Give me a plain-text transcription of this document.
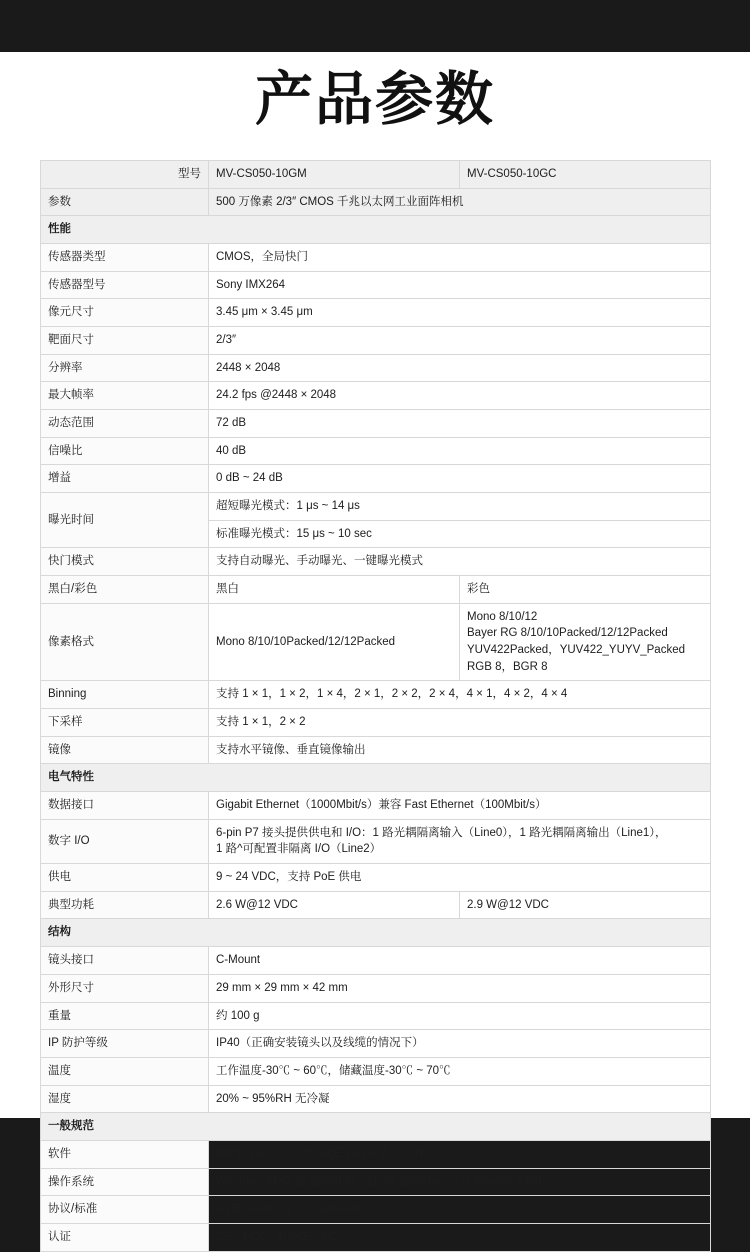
产品参数
型号	MV-CS050-10GM	MV-CS050-10GC
参数	500 万像素 2/3″ CMOS 千兆以太网工业面阵相机	
性能		
传感器类型	CMOS，全局快门	
传感器型号	Sony IMX264	
像元尺寸	3.45 μm × 3.45 μm	
靶面尺寸	2/3″	
分辨率	2448 × 2048	
最大帧率	24.2 fps @2448 × 2048	
动态范围	72 dB	
信噪比	40 dB	
增益	0 dB ~ 24 dB	
曝光时间	超短曝光模式：1 μs ~ 14 μs	
	标准曝光模式：15 μs ~ 10 sec	
快门模式	支持自动曝光、手动曝光、一键曝光模式	
黑白/彩色	黑白	彩色
像素格式	Mono 8/10/10Packed/12/12Packed	Mono 8/10/12
Bayer RG 8/10/10Packed/12/12Packed
YUV422Packed，YUV422_YUYV_Packed
RGB 8，BGR 8
Binning	支持 1 × 1，1 × 2，1 × 4，2 × 1，2 × 2，2 × 4，4 × 1，4 × 2，4 × 4	
下采样	支持 1 × 1，2 × 2	
镜像	支持水平镜像、垂直镜像输出	
电气特性		
数据接口	Gigabit Ethernet（1000Mbit/s）兼容 Fast Ethernet（100Mbit/s）	
数字 I/O	6-pin P7 接头提供供电和 I/O：1 路光耦隔离输入（Line0），1 路光耦隔离输出（Line1），
1 路^可配置非隔离 I/O（Line2）	
供电	9 ~ 24 VDC，支持 PoE 供电	
典型功耗	2.6 W@12 VDC	2.9 W@12 VDC
结构		
镜头接口	C-Mount	
外形尺寸	29 mm × 29 mm × 42 mm	
重量	约 100 g	
IP 防护等级	IP40（正确安装镜头以及线缆的情况下）	
温度	工作温度-30℃ ~ 60℃，储藏温度-30℃ ~ 70℃	
湿度	20% ~ 95%RH 无冷凝	
一般规范		
软件	MVS 或第三方支持 GigE Vision 协议软件	
操作系统	Windows XP/7/10 32/64bits，Linux 32/64bits 以及 MacOS 64bits	
协议/标准	GigE Vision V2.0，GenICam	
认证	CE，FCC，RoHS，KC	
